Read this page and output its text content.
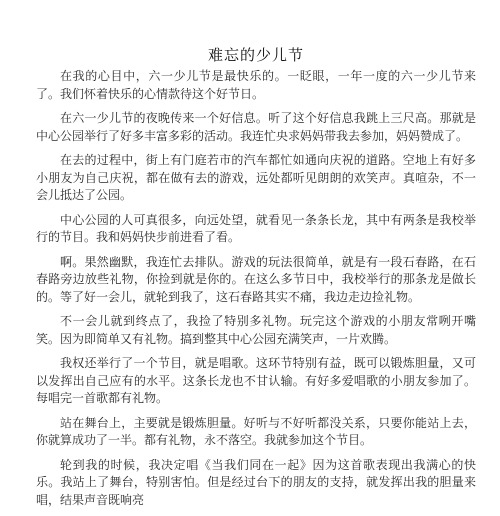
难忘的少儿节

在我的心目中，六一少儿节是最快乐的。一眨眼，一年一度的六一少儿节来了。我们怀着快乐的心情款待这个好节日。

在六一少儿节的夜晚传来一个好信息。听了这个好信息我跳上三尺高。那就是中心公园举行了好多丰富多彩的活动。我连忙央求妈妈带我去参加，妈妈赞成了。

在去的过程中，街上有门庭若市的汽车都忙如通向庆祝的道路。空地上有好多小朋友为自己庆祝，都在做有去的游戏，远处都听见朗朗的欢笑声。真喧杂，不一会儿抵达了公园。

中心公园的人可真很多，向远处望，就看见一条条长龙，其中有两条是我校举行的节目。我和妈妈快步前进看了看。

啊。果然幽默，我连忙去排队。游戏的玩法很简单，就是有一段石春路，在石春路旁边放些礼物，你捡到就是你的。在这么多节日中，我校举行的那条龙是做长的。等了好一会儿，就轮到我了，这石春路其实不痛，我边走边捡礼物。

不一会儿就到终点了，我捡了特别多礼物。玩完这个游戏的小朋友常咧开嘴笑。因为即简单又有礼物。搞到整其中心公园充满笑声，一片欢腾。

我权还举行了一个节目，就是唱歌。这环节特别有益，既可以锻炼胆量，又可以发挥出自己应有的水平。这条长龙也不甘认输。有好多爱唱歌的小朋友参加了。每唱完一首歌都有礼物。

站在舞台上，主要就是锻炼胆量。好听与不好听都没关系，只要你能站上去，你就算成功了一半。都有礼物，永不落空。我就参加这个节目。

轮到我的时候，我决定唱《当我们同在一起》因为这首歌表现出我满心的快乐。我站上了舞台，特别害怕。但是经过台下的朋友的支持，就发挥出我的胆量来唱，结果声音既响亮
